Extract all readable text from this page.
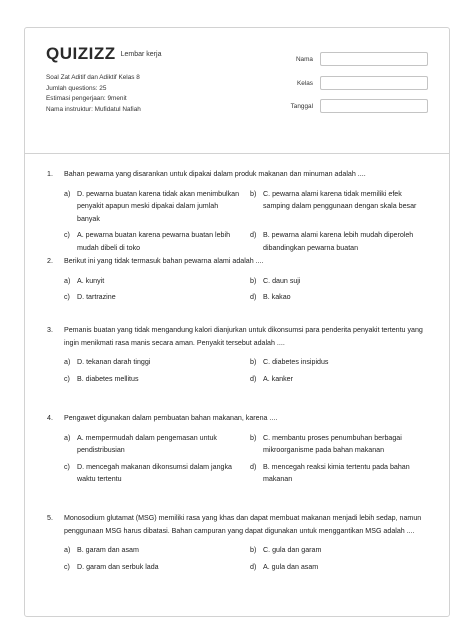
QUIZIZZ Lembar kerja
Soal Zat Aditif dan Adiktif Kelas 8
Jumlah questions: 25
Estimasi pengerjaan: 9menit
Nama instruktur: Mufidatul Nafiah
Nama
Kelas
Tanggal
1.	Bahan pewarna yang disarankan untuk dipakai dalam produk makanan dan minuman adalah ....
a) D. pewarna buatan karena tidak akan menimbulkan penyakit apapun meski dipakai dalam jumlah banyak
b) C. pewarna alami karena tidak memiliki efek samping dalam penggunaan dengan skala besar
c) A. pewarna buatan karena pewarna buatan lebih mudah dibeli di toko
d) B. pewarna alami karena lebih mudah diperoleh dibandingkan pewarna buatan
2.	Berikut ini yang tidak termasuk bahan pewarna alami adalah ....
a) A. kunyit	b) C. daun suji
c) D. tartrazine	d) B. kakao
3.	Pemanis buatan yang tidak mengandung kalori dianjurkan untuk dikonsumsi para penderita penyakit tertentu yang ingin menikmati rasa manis secara aman. Penyakit tersebut adalah ....
a) D. tekanan darah tinggi	b) C. diabetes insipidus
c) B. diabetes mellitus	d) A. kanker
4.	Pengawet digunakan dalam pembuatan bahan makanan, karena ....
a) A. mempermudah dalam pengemasan untuk pendistribusian
b) C. membantu proses penumbuhan berbagai mikroorganisme pada bahan makanan
c) D. mencegah makanan dikonsumsi dalam jangka waktu tertentu
d) B. mencegah reaksi kimia tertentu pada bahan makanan
5.	Monosodium glutamat (MSG) memiliki rasa yang khas dan dapat membuat makanan menjadi lebih sedap, namun penggunaan MSG harus dibatasi. Bahan campuran yang dapat digunakan untuk menggantikan MSG adalah ....
a) B. garam dan asam	b) C. gula dan garam
c) D. garam dan serbuk lada	d) A. gula dan asam
